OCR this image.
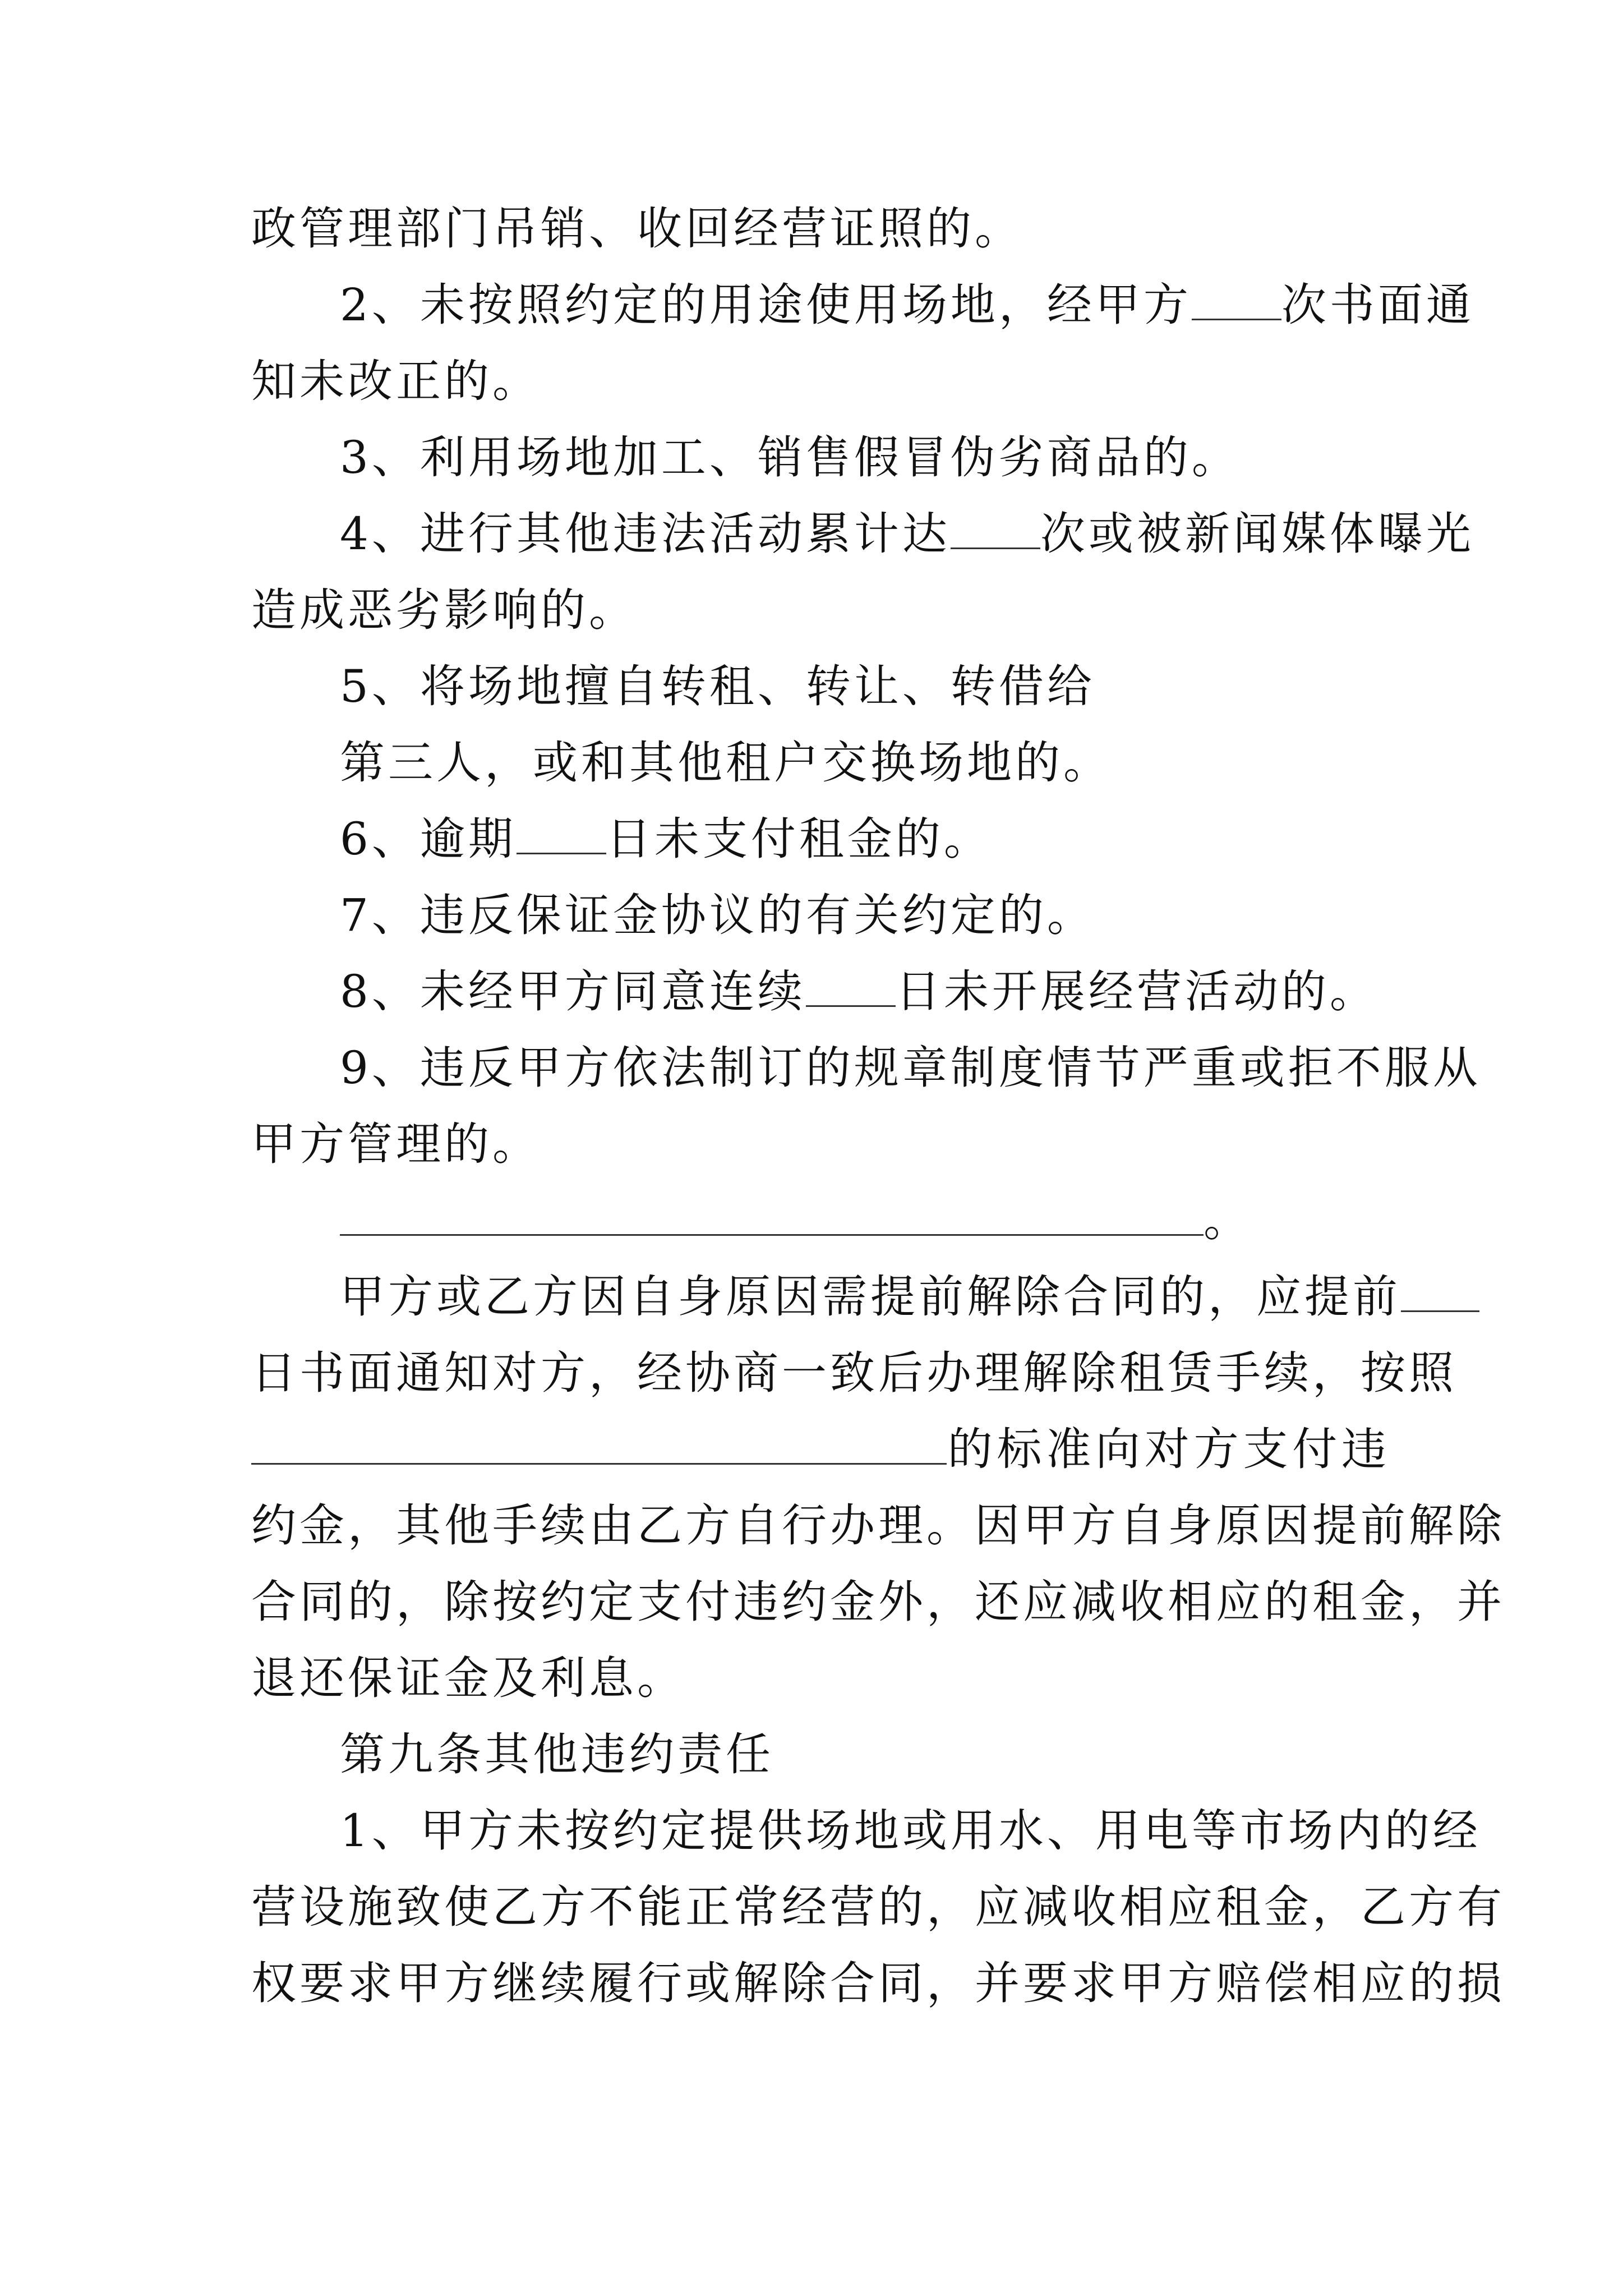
政管理部门吊销、收回经营证照的。
2、未按照约定的用途使用场地，经甲方 次书面通
知未改正的。
3、利用场地加工、销售假冒伪劣商品的。
4、进行其他违法活动累计达 次或被新闻媒体曝光
造成恶劣影响的。
5、将场地擅自转租、转让、转借给
第三人，或和其他租户交换场地的。
6、逾期 日未支付租金的。
7、违反保证金协议的有关约定的。
8、未经甲方同意连续 日未开展经营活动的。
9、违反甲方依法制订的规章制度情节严重或拒不服从
甲方管理的。
。
甲方或乙方因自身原因需提前解除合同的，应提前
日书面通知对方，经协商一致后办理解除租赁手续，按照
的标准向对方支付违
约金，其他手续由乙方自行办理。因甲方自身原因提前解除
合同的，除按约定支付违约金外，还应减收相应的租金，并
退还保证金及利息。
第九条其他违约责任
1、甲方未按约定提供场地或用水、用电等市场内的经
营设施致使乙方不能正常经营的，应减收相应租金，乙方有
权要求甲方继续履行或解除合同，并要求甲方赔偿相应的损
